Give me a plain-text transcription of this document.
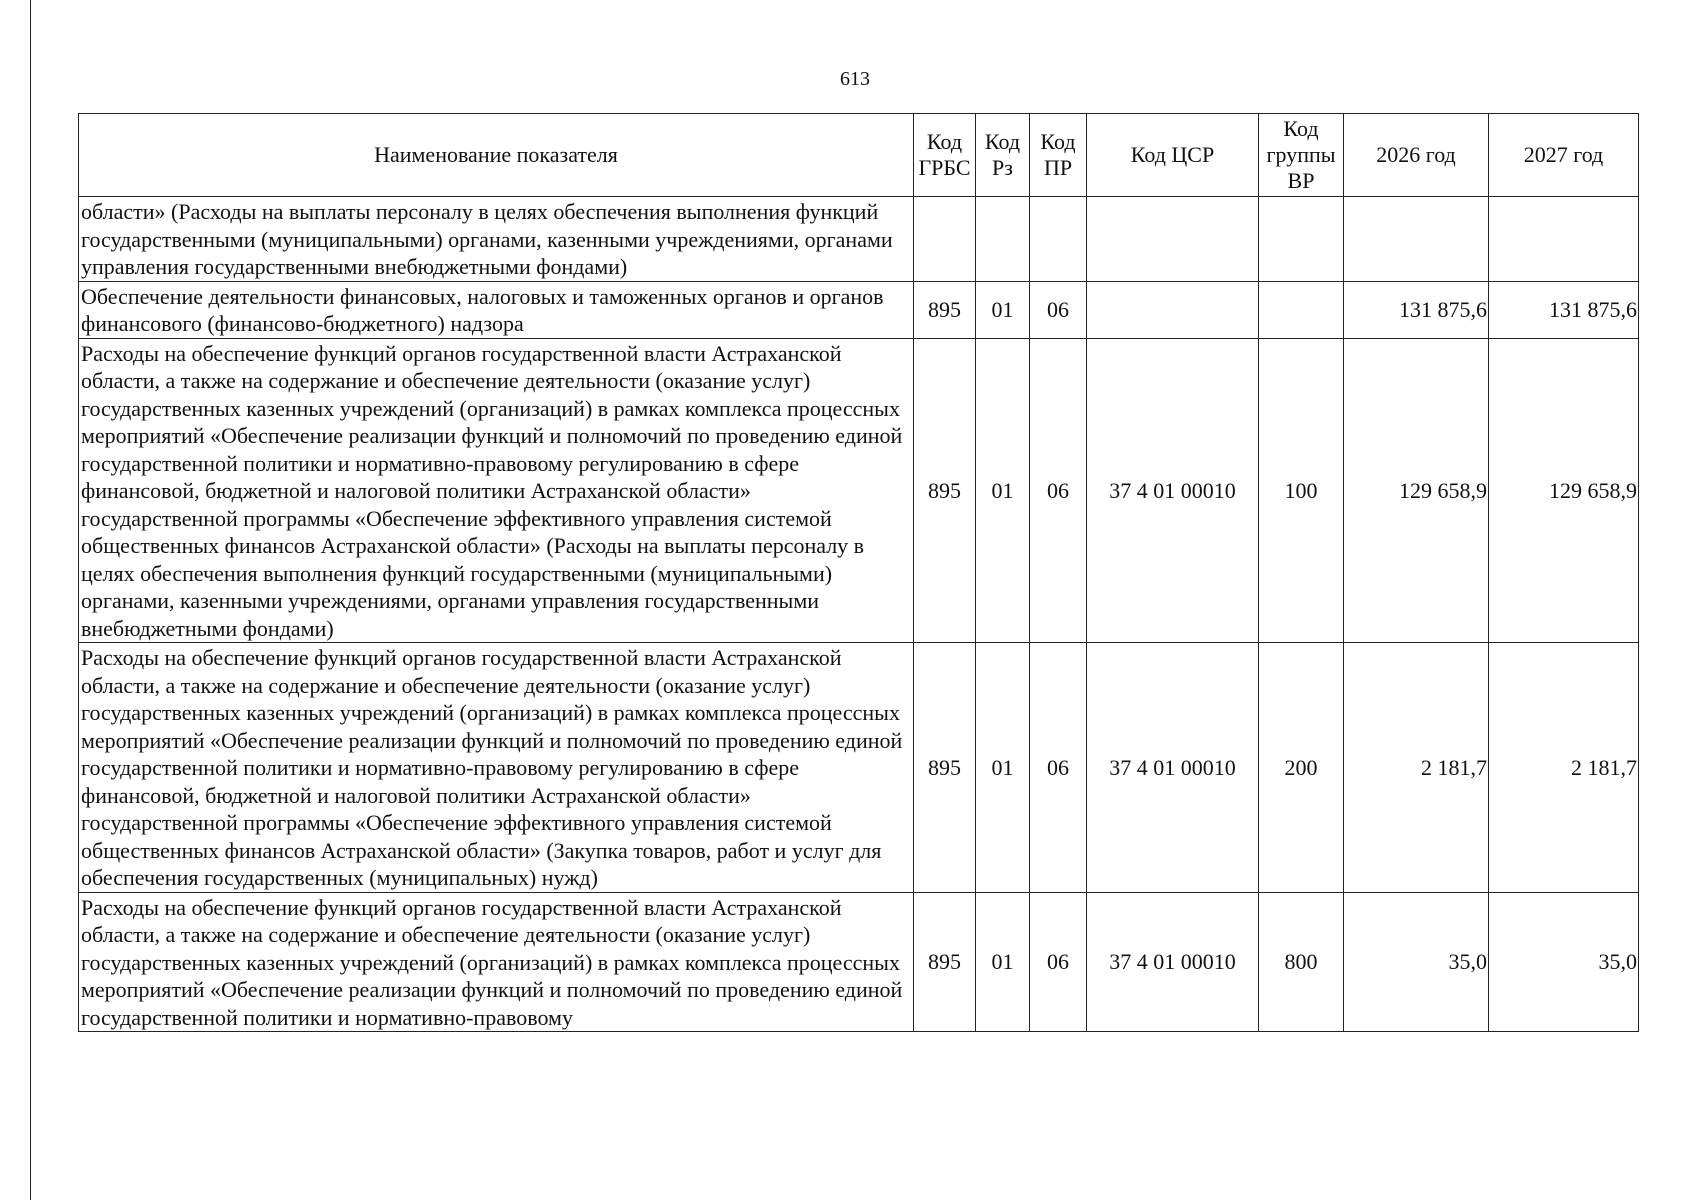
613
Наименование показателя	Код ГРБС	Код Рз	Код ПР	Код ЦСР	Код группы ВР	2026 год	2027 год
области» (Расходы на выплаты персоналу в целях обеспечения выполнения функций государственными (муниципальными) органами, казенными учреждениями, органами управления государственными внебюджетными фондами)							
Обеспечение деятельности финансовых, налоговых и таможенных органов и органов финансового (финансово-бюджетного) надзора	895	01	06			131 875,6	131 875,6
Расходы на обеспечение функций органов государственной власти Астраханской области, а также на содержание и обеспечение деятельности (оказание услуг) государственных казенных учреждений (организаций) в рамках комплекса процессных мероприятий «Обеспечение реализации функций и полномочий по проведению единой государственной политики и нормативно-правовому регулированию в сфере финансовой, бюджетной и налоговой политики Астраханской области» государственной программы «Обеспечение эффективного управления системой общественных финансов Астраханской области» (Расходы на выплаты персоналу в целях обеспечения выполнения функций государственными (муниципальными) органами, казенными учреждениями, органами управления государственными внебюджетными фондами)	895	01	06	37 4 01 00010	100	129 658,9	129 658,9
Расходы на обеспечение функций органов государственной власти Астраханской области, а также на содержание и обеспечение деятельности (оказание услуг) государственных казенных учреждений (организаций) в рамках комплекса процессных мероприятий «Обеспечение реализации функций и полномочий по проведению единой государственной политики и нормативно-правовому регулированию в сфере финансовой, бюджетной и налоговой политики Астраханской области» государственной программы «Обеспечение эффективного управления системой общественных финансов Астраханской области» (Закупка товаров, работ и услуг для обеспечения государственных (муниципальных) нужд)	895	01	06	37 4 01 00010	200	2 181,7	2 181,7
Расходы на обеспечение функций органов государственной власти Астраханской области, а также на содержание и обеспечение деятельности (оказание услуг) государственных казенных учреждений (организаций) в рамках комплекса процессных мероприятий «Обеспечение реализации функций и полномочий по проведению единой государственной политики и нормативно-правовому	895	01	06	37 4 01 00010	800	35,0	35,0
